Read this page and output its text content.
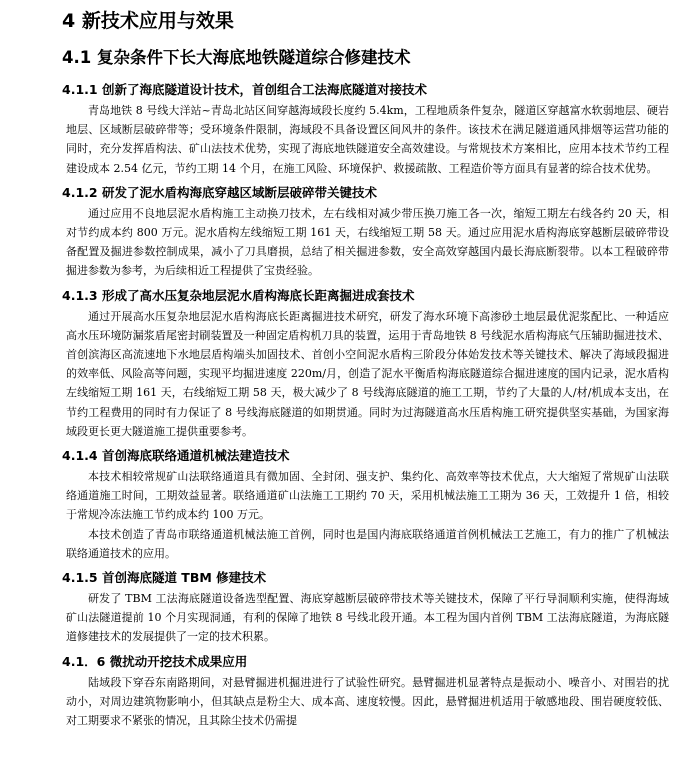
4 新技术应用与效果
4.1 复杂条件下长大海底地铁隧道综合修建技术
4.1.1 创新了海底隧道设计技术，首创组合工法海底隧道对接技术

青岛地铁 8 号线大洋站~青岛北站区间穿越海域段长度约 5.4km，工程地质条件复杂，隧道区穿越富水软弱地层、硬岩地层、区域断层破碎带等；受环境条件限制，海域段不具备设置区间风井的条件。该技术在满足隧道通风排烟等运营功能的同时，充分发挥盾构法、矿山法技术优势，实现了海底地铁隧道安全高效建设。与常规技术方案相比，应用本技术节约工程建设成本 2.54 亿元，节约工期 14 个月，在施工风险、环境保护、救援疏散、工程造价等方面具有显著的综合技术优势。

4.1.2 研发了泥水盾构海底穿越区域断层破碎带关键技术

通过应用不良地层泥水盾构施工主动换刀技术，左右线相对减少带压换刀施工各一次，缩短工期左右线各约 20 天，相对节约成本约 800 万元。泥水盾构左线缩短工期 161 天，右线缩短工期 58 天。通过应用泥水盾构海底穿越断层破碎带设备配置及掘进参数控制成果，减小了刀具磨损，总结了相关掘进参数，安全高效穿越国内最长海底断裂带。以本工程破碎带掘进参数为参考，为后续相近工程提供了宝贵经验。

4.1.3 形成了高水压复杂地层泥水盾构海底长距离掘进成套技术

通过开展高水压复杂地层泥水盾构海底长距离掘进技术研究，研发了海水环境下高渗砂土地层最优泥浆配比、一种适应高水压环境防漏浆盾尾密封刷装置及一种固定盾构机刀具的装置，运用于青岛地铁 8 号线泥水盾构海底气压辅助掘进技术、首创滨海区高流速地下水地层盾构端头加固技术、首创小空间泥水盾构三阶段分体始发技术等关键技术、解决了海域段掘进的效率低、风险高等问题，实现平均掘进速度 220m/月，创造了泥水平衡盾构海底隧道综合掘进速度的国内记录，泥水盾构左线缩短工期 161 天，右线缩短工期 58 天，极大减少了 8 号线海底隧道的施工工期，节约了大量的人/材/机成本支出，在节约工程费用的同时有力保证了 8 号线海底隧道的如期贯通。同时为过海隧道高水压盾构施工研究提供坚实基础，为国家海域段更长更大隧道施工提供重要参考。

4.1.4 首创海底联络通道机械法建造技术

本技术相较常规矿山法联络通道具有微加固、全封闭、强支护、集约化、高效率等技术优点，大大缩短了常规矿山法联络通道施工时间，工期效益显著。联络通道矿山法施工工期约 70 天，采用机械法施工工期为 36 天，工效提升 1 倍，相较于常规冷冻法施工节约成本约 100 万元。

本技术创造了青岛市联络通道机械法施工首例，同时也是国内海底联络通道首例机械法工艺施工，有力的推广了机械法联络通道技术的应用。

4.1.5 首创海底隧道 TBM 修建技术

研发了 TBM 工法海底隧道设备选型配置、海底穿越断层破碎带技术等关键技术，保障了平行导洞顺利实施，使得海域矿山法隧道提前 10 个月实现洞通，有利的保障了地铁 8 号线北段开通。本工程为国内首例 TBM 工法海底隧道，为海底隧道修建技术的发展提供了一定的技术积累。

4.1．6 微扰动开挖技术成果应用

陆域段下穿吞东南路期间，对悬臂掘进机掘进进行了试验性研究。悬臂掘进机显著特点是振动小、噪音小、对围岩的扰动小，对周边建筑物影响小，但其缺点是粉尘大、成本高、速度较慢。因此，悬臂掘进机适用于敏感地段、围岩硬度较低、对工期要求不紧张的情况，且其除尘技术仍需提
